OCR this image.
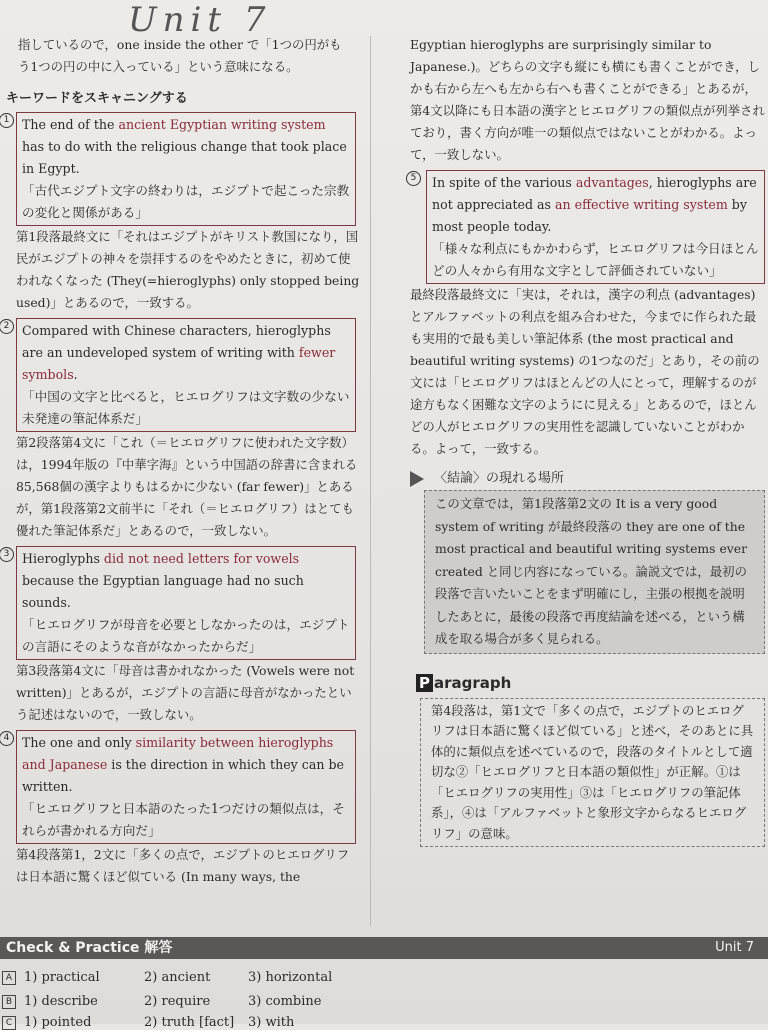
Unit 7

指しているので，one inside the other で「1つの円がも

う1つの円の中に入っている」という意味になる。

キーワードをスキャニングする
1	The end of the ancient Egyptian writing system has to do with the religious change that took place in Egypt.

「古代エジプト文字の終わりは，エジプトで起こった宗教の変化と関係がある」

第1段落最終文に「それはエジプトがキリスト教国になり，国民がエジプトの神々を崇拝するのをやめたときに，初めて使われなくなった (They(=hieroglyphs) only stopped being used)」とあるので，一致する。

2	Compared with Chinese characters, hieroglyphs are an undeveloped system of writing with fewer symbols.

「中国の文字と比べると，ヒエログリフは文字数の少ない未発達の筆記体系だ」

第2段落第4文に「これ（＝ヒエログリフに使われた文字数）は，1994年版の『中華字海』という中国語の辞書に含まれる85,568個の漢字よりもはるかに少ない (far fewer)」とあるが，第1段落第2文前半に「それ（＝ヒエログリフ）はとても優れた筆記体系だ」とあるので，一致しない。

3	Hieroglyphs did not need letters for vowels because the Egyptian language had no such sounds.

「ヒエログリフが母音を必要としなかったのは，エジプトの言語にそのような音がなかったからだ」

第3段落第4文に「母音は書かれなかった (Vowels were not written)」とあるが，エジプトの言語に母音がなかったという記述はないので，一致しない。

4	The one and only similarity between hieroglyphs and Japanese is the direction in which they can be written.

「ヒエログリフと日本語のたった1つだけの類似点は，それらが書かれる方向だ」

第4段落第1，2文に「多くの点で，エジプトのヒエログリフは日本語に驚くほど似ている (In many ways, the

Egyptian hieroglyphs are surprisingly similar to Japanese.)。どちらの文字も縦にも横にも書くことができ，しかも右から左へも左から右へも書くことができる」とあるが，第4文以降にも日本語の漢字とヒエログリフの類似点が列挙されており，書く方向が唯一の類似点ではないことがわかる。よって，一致しない。

5	In spite of the various advantages, hieroglyphs are not appreciated as an effective writing system by most people today.

「様々な利点にもかかわらず，ヒエログリフは今日ほとんどの人々から有用な文字として評価されていない」

最終段落最終文に「実は，それは，漢字の利点 (advantages) とアルファベットの利点を組み合わせた，今までに作られた最も実用的で最も美しい筆記体系 (the most practical and beautiful writing systems) の1つなのだ」とあり，その前の文には「ヒエログリフはほとんどの人にとって，理解するのが途方もなく困難な文字のようにに見える」とあるので，ほとんどの人がヒエログリフの実用性を認識していないことがわかる。よって，一致する。

〈結論〉の現れる場所

この文章では，第1段落第2文の It is a very good system of writing が最終段落の they are one of the most practical and beautiful writing systems ever created と同じ内容になっている。論説文では，最初の段落で言いたいことをまず明確にし，主張の根拠を説明したあとに，最後の段落で再度結論を述べる，という構成を取る場合が多く見られる。

P aragraph

第4段落は，第1文で「多くの点で，エジプトのヒエログリフは日本語に驚くほど似ている」と述べ，そのあとに具体的に類似点を述べているので，段落のタイトルとして適切な②「ヒエログリフと日本語の類似性」が正解。①は「ヒエログリフの実用性」③は「ヒエログリフの筆記体系」，④は「アルファベットと象形文字からなるヒエログリフ」の意味。

Check & Practice 解答	Unit 7
A 1) practical	2) ancient	3) horizontal
B 1) describe	2) require	3) combine
C 1) pointed	2) truth [fact]	3) with
